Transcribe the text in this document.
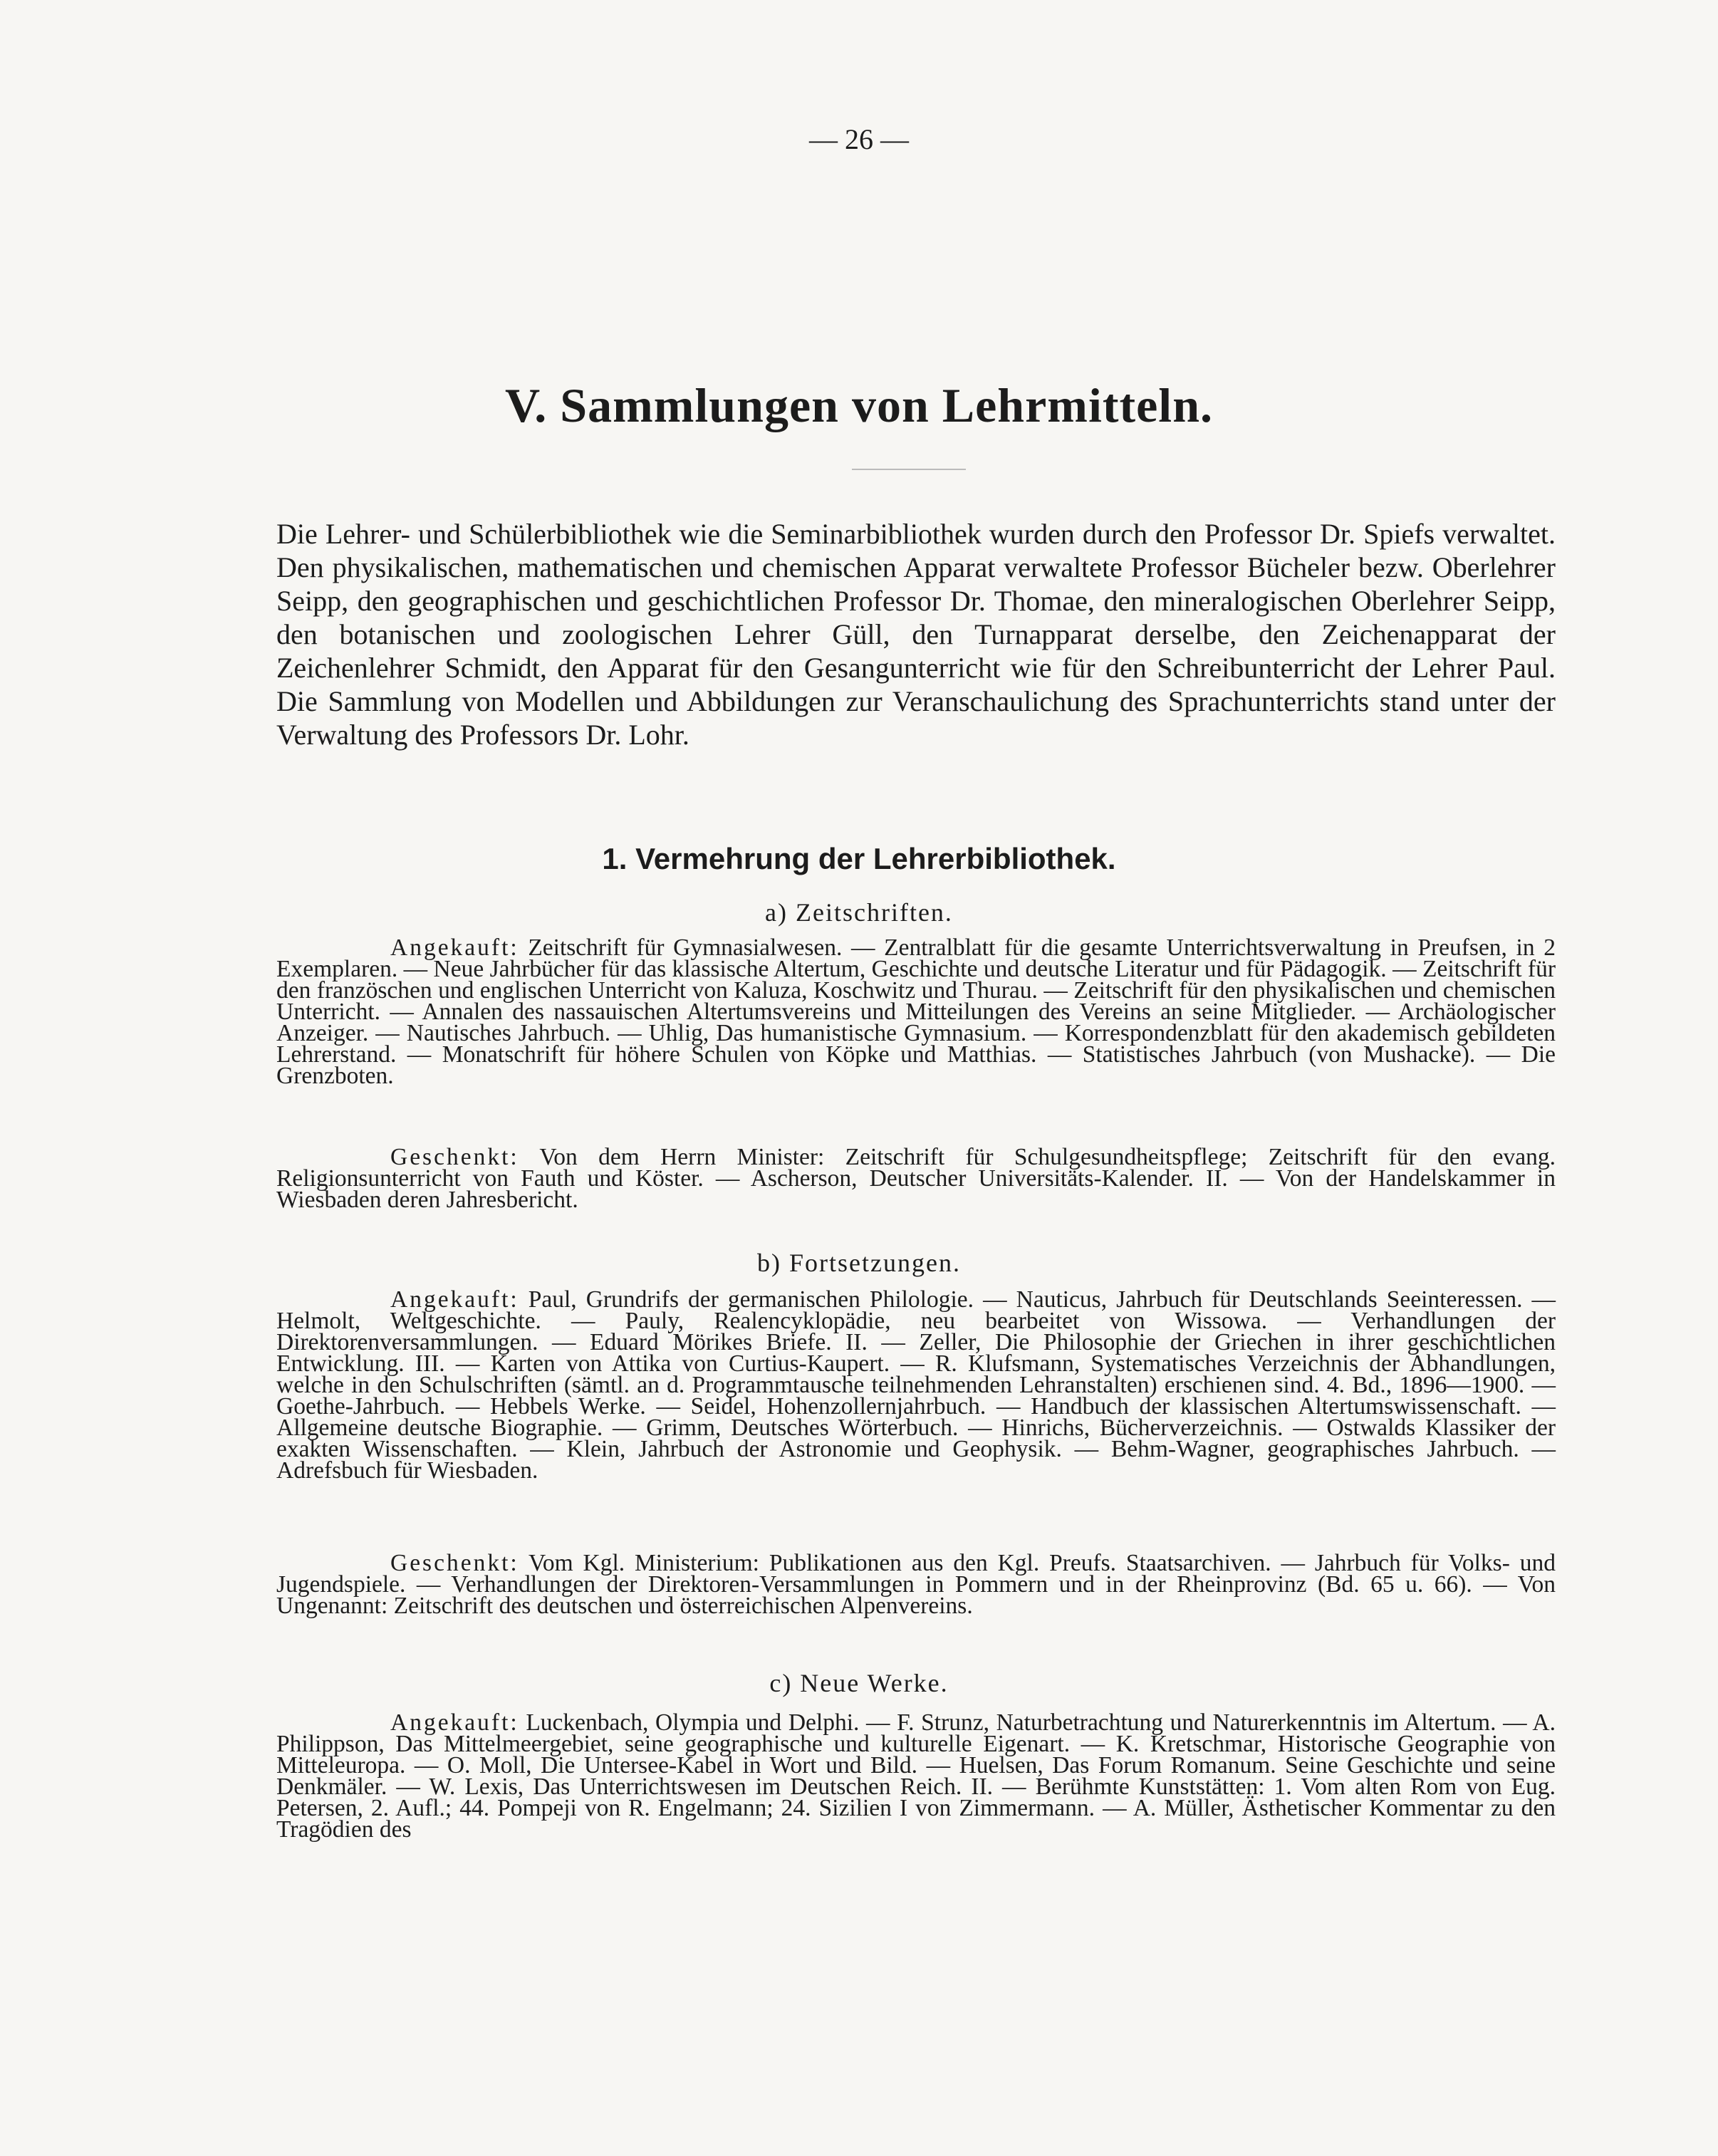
— 26 —
V. Sammlungen von Lehrmitteln.
Die Lehrer- und Schülerbibliothek wie die Seminarbibliothek wurden durch den Professor Dr. Spiefs verwaltet. Den physikalischen, mathematischen und chemischen Apparat verwaltete Professor Bücheler bezw. Oberlehrer Seipp, den geographischen und geschichtlichen Professor Dr. Thomae, den mineralogischen Oberlehrer Seipp, den botanischen und zoologischen Lehrer Güll, den Turnapparat derselbe, den Zeichenapparat der Zeichenlehrer Schmidt, den Apparat für den Gesangunterricht wie für den Schreibunterricht der Lehrer Paul. Die Sammlung von Modellen und Abbildungen zur Veranschaulichung des Sprachunterrichts stand unter der Verwaltung des Professors Dr. Lohr.
1. Vermehrung der Lehrerbibliothek.
a) Zeitschriften.
Angekauft: Zeitschrift für Gymnasialwesen. — Zentralblatt für die gesamte Unterrichtsverwaltung in Preufsen, in 2 Exemplaren. — Neue Jahrbücher für das klassische Altertum, Geschichte und deutsche Literatur und für Pädagogik. — Zeitschrift für den französchen und englischen Unterricht von Kaluza, Koschwitz und Thurau. — Zeitschrift für den physikalischen und chemischen Unterricht. — Annalen des nassauischen Altertumsvereins und Mitteilungen des Vereins an seine Mitglieder. — Archäologischer Anzeiger. — Nautisches Jahrbuch. — Uhlig, Das humanistische Gymnasium. — Korrespondenzblatt für den akademisch gebildeten Lehrerstand. — Monatschrift für höhere Schulen von Köpke und Matthias. — Statistisches Jahrbuch (von Mushacke). — Die Grenzboten.
Geschenkt: Von dem Herrn Minister: Zeitschrift für Schulgesundheitspflege; Zeitschrift für den evang. Religionsunterricht von Fauth und Köster. — Ascherson, Deutscher Universitäts-Kalender. II. — Von der Handelskammer in Wiesbaden deren Jahresbericht.
b) Fortsetzungen.
Angekauft: Paul, Grundrifs der germanischen Philologie. — Nauticus, Jahrbuch für Deutschlands Seeinteressen. — Helmolt, Weltgeschichte. — Pauly, Realencyklopädie, neu bearbeitet von Wissowa. — Verhandlungen der Direktorenversammlungen. — Eduard Mörikes Briefe. II. — Zeller, Die Philosophie der Griechen in ihrer geschichtlichen Entwicklung. III. — Karten von Attika von Curtius-Kaupert. — R. Klufsmann, Systematisches Verzeichnis der Abhandlungen, welche in den Schulschriften (sämtl. an d. Programmtausche teilnehmenden Lehranstalten) erschienen sind. 4. Bd., 1896—1900. — Goethe-Jahrbuch. — Hebbels Werke. — Seidel, Hohenzollernjahrbuch. — Handbuch der klassischen Altertumswissenschaft. — Allgemeine deutsche Biographie. — Grimm, Deutsches Wörterbuch. — Hinrichs, Bücherverzeichnis. — Ostwalds Klassiker der exakten Wissenschaften. — Klein, Jahrbuch der Astronomie und Geophysik. — Behm-Wagner, geographisches Jahrbuch. — Adrefsbuch für Wiesbaden.
Geschenkt: Vom Kgl. Ministerium: Publikationen aus den Kgl. Preufs. Staatsarchiven. — Jahrbuch für Volks- und Jugendspiele. — Verhandlungen der Direktoren-Versammlungen in Pommern und in der Rheinprovinz (Bd. 65 u. 66). — Von Ungenannt: Zeitschrift des deutschen und österreichischen Alpenvereins.
c) Neue Werke.
Angekauft: Luckenbach, Olympia und Delphi. — F. Strunz, Naturbetrachtung und Naturerkenntnis im Altertum. — A. Philippson, Das Mittelmeergebiet, seine geographische und kulturelle Eigenart. — K. Kretschmar, Historische Geographie von Mitteleuropa. — O. Moll, Die Untersee-Kabel in Wort und Bild. — Huelsen, Das Forum Romanum. Seine Geschichte und seine Denkmäler. — W. Lexis, Das Unterrichtswesen im Deutschen Reich. II. — Berühmte Kunststätten: 1. Vom alten Rom von Eug. Petersen, 2. Aufl.; 44. Pompeji von R. Engelmann; 24. Sizilien I von Zimmermann. — A. Müller, Ästhetischer Kommentar zu den Tragödien des
